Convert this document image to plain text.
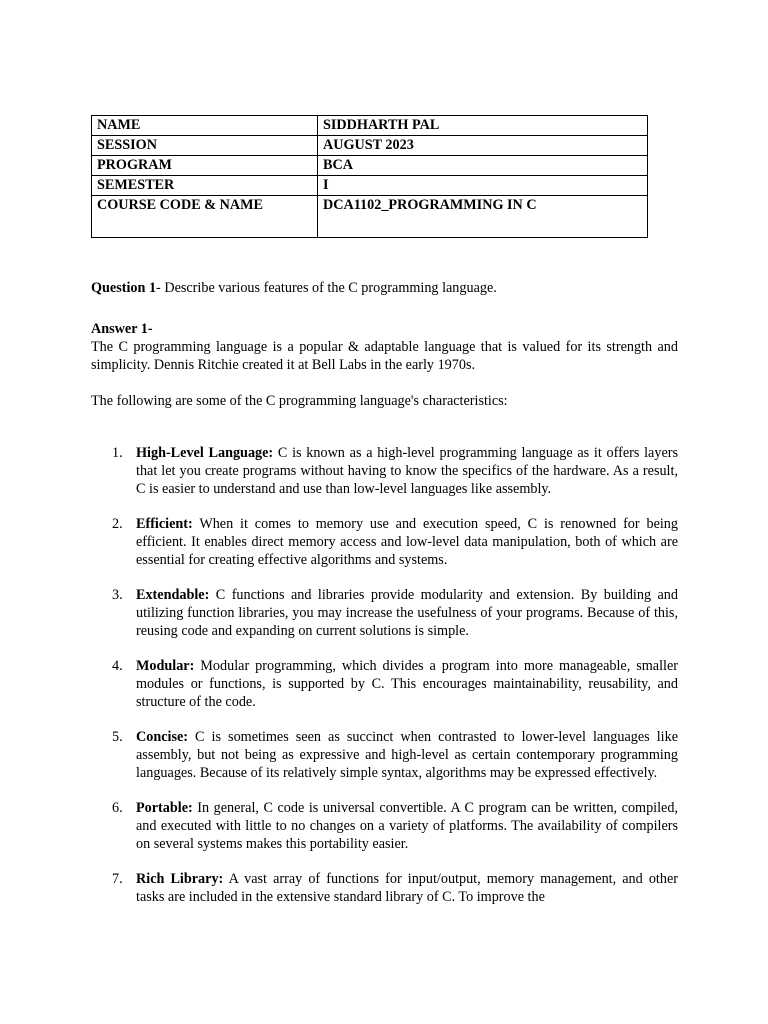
NAME	SIDDHARTH PAL
SESSION	AUGUST 2023
PROGRAM	BCA
SEMESTER	I
COURSE CODE & NAME	DCA1102_PROGRAMMING IN C
Question 1- Describe various features of the C programming language.
Answer 1-
The C programming language is a popular & adaptable language that is valued for its strength and simplicity. Dennis Ritchie created it at Bell Labs in the early 1970s.
The following are some of the C programming language's characteristics:
1. High-Level Language: C is known as a high-level programming language as it offers layers that let you create programs without having to know the specifics of the hardware. As a result, C is easier to understand and use than low-level languages like assembly.
2. Efficient: When it comes to memory use and execution speed, C is renowned for being efficient. It enables direct memory access and low-level data manipulation, both of which are essential for creating effective algorithms and systems.
3. Extendable: C functions and libraries provide modularity and extension. By building and utilizing function libraries, you may increase the usefulness of your programs. Because of this, reusing code and expanding on current solutions is simple.
4. Modular: Modular programming, which divides a program into more manageable, smaller modules or functions, is supported by C. This encourages maintainability, reusability, and structure of the code.
5. Concise: C is sometimes seen as succinct when contrasted to lower-level languages like assembly, but not being as expressive and high-level as certain contemporary programming languages. Because of its relatively simple syntax, algorithms may be expressed effectively.
6. Portable: In general, C code is universal convertible. A C program can be written, compiled, and executed with little to no changes on a variety of platforms. The availability of compilers on several systems makes this portability easier.
7. Rich Library: A vast array of functions for input/output, memory management, and other tasks are included in the extensive standard library of C. To improve the
